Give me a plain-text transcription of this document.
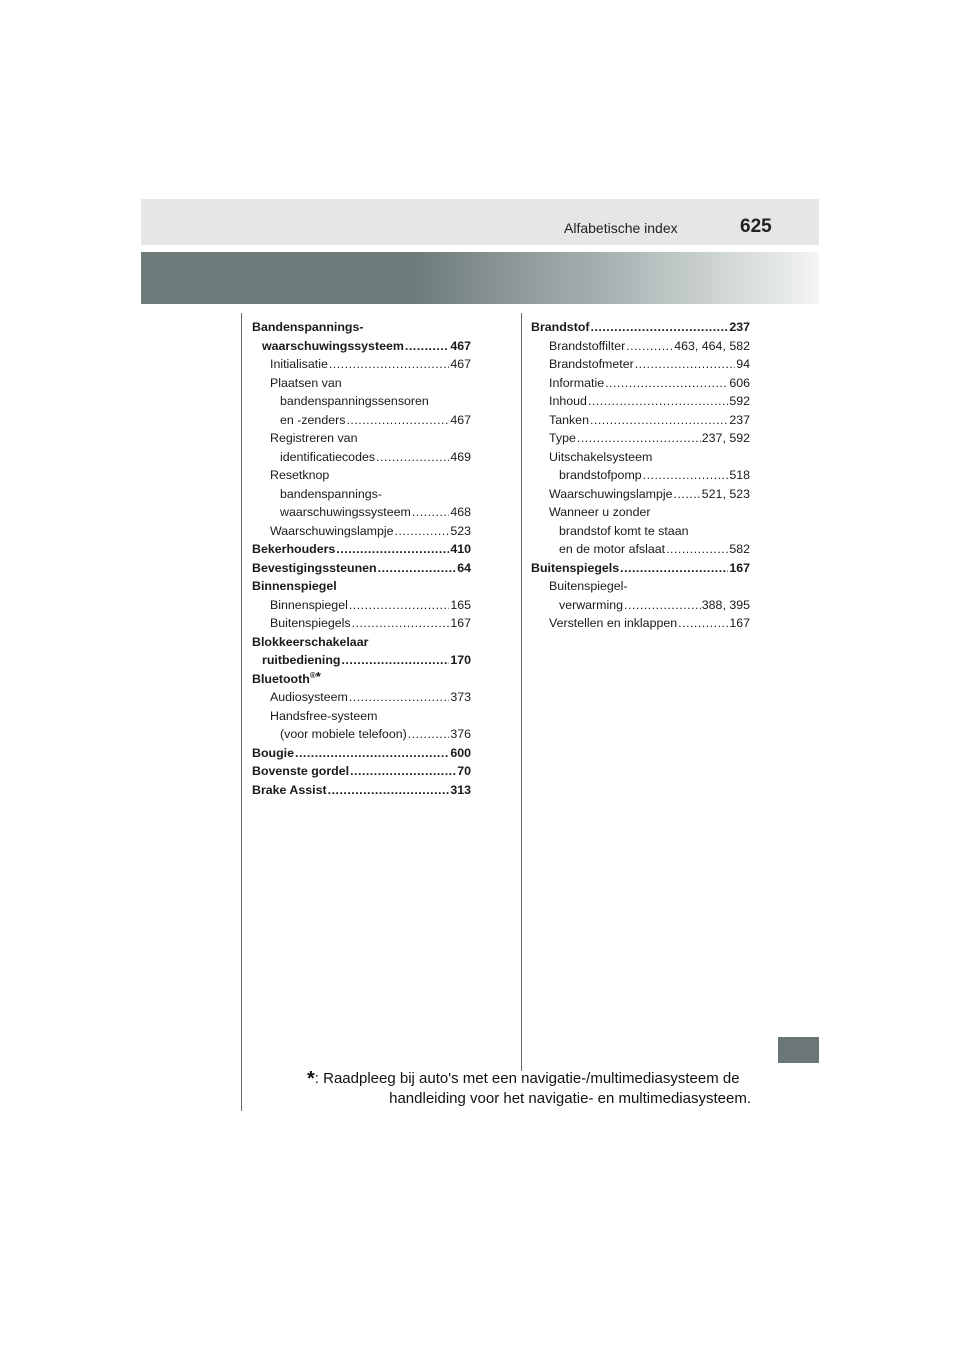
Alfabetische index	625
Bandenspannings-
waarschuwingssysteem .....	467
Initialisatie .....	467
Plaatsen van
bandenspanningssensoren
en -zenders .....	467
Registreren van
identificatiecodes .....	469
Resetknop
bandenspannings-
waarschuwingssysteem .....	468
Waarschuwingslampje .....	523
Bekerhouders .....	410
Bevestigingssteunen .....	64
Binnenspiegel
Binnenspiegel .....	165
Buitenspiegels .....	167
Blokkeerschakelaar
ruitbediening .....	170
Bluetooth®*
Audiosysteem .....	373
Handsfree-systeem
(voor mobiele telefoon) .....	376
Bougie .....	600
Bovenste gordel .....	70
Brake Assist .....	313
Brandstof .....	237
Brandstoffilter .....	463, 464, 582
Brandstofmeter .....	94
Informatie .....	606
Inhoud .....	592
Tanken .....	237
Type .....	237, 592
Uitschakelsysteem
brandstofpomp .....	518
Waarschuwingslampje ..... 521, 523
Wanneer u zonder
brandstof komt te staan
en de motor afslaat .....	582
Buitenspiegels .....	167
Buitenspiegel-
verwarming .....	388, 395
Verstellen en inklappen .....	167
*: Raadpleeg bij auto's met een navigatie-/multimediasysteem de
handleiding voor het navigatie- en multimediasysteem.
